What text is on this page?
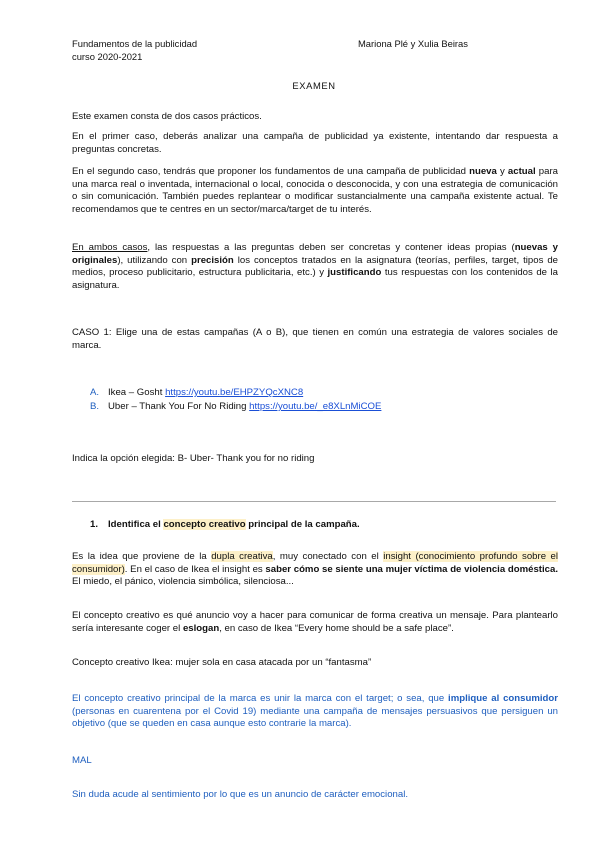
Fundamentos de la publicidad
curso 2020-2021
Mariona Plé y Xulia Beiras
EXAMEN

Este examen consta de dos casos prácticos.

En el primer caso, deberás analizar una campaña de publicidad ya existente, intentando dar respuesta a preguntas concretas.

En el segundo caso, tendrás que proponer los fundamentos de una campaña de publicidad nueva y actual para una marca real o inventada, internacional o local, conocida o desconocida, y con una estrategia de comunicación o sin comunicación. También puedes replantear o modificar sustancialmente una campaña existente actual. Te recomendamos que te centres en un sector/marca/target de tu interés.

En ambos casos, las respuestas a las preguntas deben ser concretas y contener ideas propias (nuevas y originales), utilizando con precisión los conceptos tratados en la asignatura (teorías, perfiles, target, tipos de medios, proceso publicitario, estructura publicitaria, etc.) y justificando tus respuestas con los contenidos de la asignatura.

CASO 1: Elige una de estas campañas (A o B), que tienen en común una estrategia de valores sociales de marca.

A. Ikea – Gosht https://youtu.be/EHPZYQcXNC8
B. Uber – Thank You For No Riding https://youtu.be/_e8XLnMiCOE

Indica la opción elegida: B- Uber- Thank you for no riding

1. Identifica el concepto creativo principal de la campaña.

Es la idea que proviene de la dupla creativa, muy conectado con el insight (conocimiento profundo sobre el consumidor). En el caso de Ikea el insight es saber cómo se siente una mujer víctima de violencia doméstica. El miedo, el pánico, violencia simbólica, silenciosa...

El concepto creativo es qué anuncio voy a hacer para comunicar de forma creativa un mensaje. Para plantearlo sería interesante coger el eslogan, en caso de Ikea “Every home should be a safe place”.

Concepto creativo Ikea: mujer sola en casa atacada por un “fantasma”

El concepto creativo principal de la marca es unir la marca con el target; o sea, que implique al consumidor (personas en cuarentena por el Covid 19) mediante una campaña de mensajes persuasivos que persiguen un objetivo (que se queden en casa aunque esto contrarie la marca).

MAL

Sin duda acude al sentimiento por lo que es un anuncio de carácter emocional.
